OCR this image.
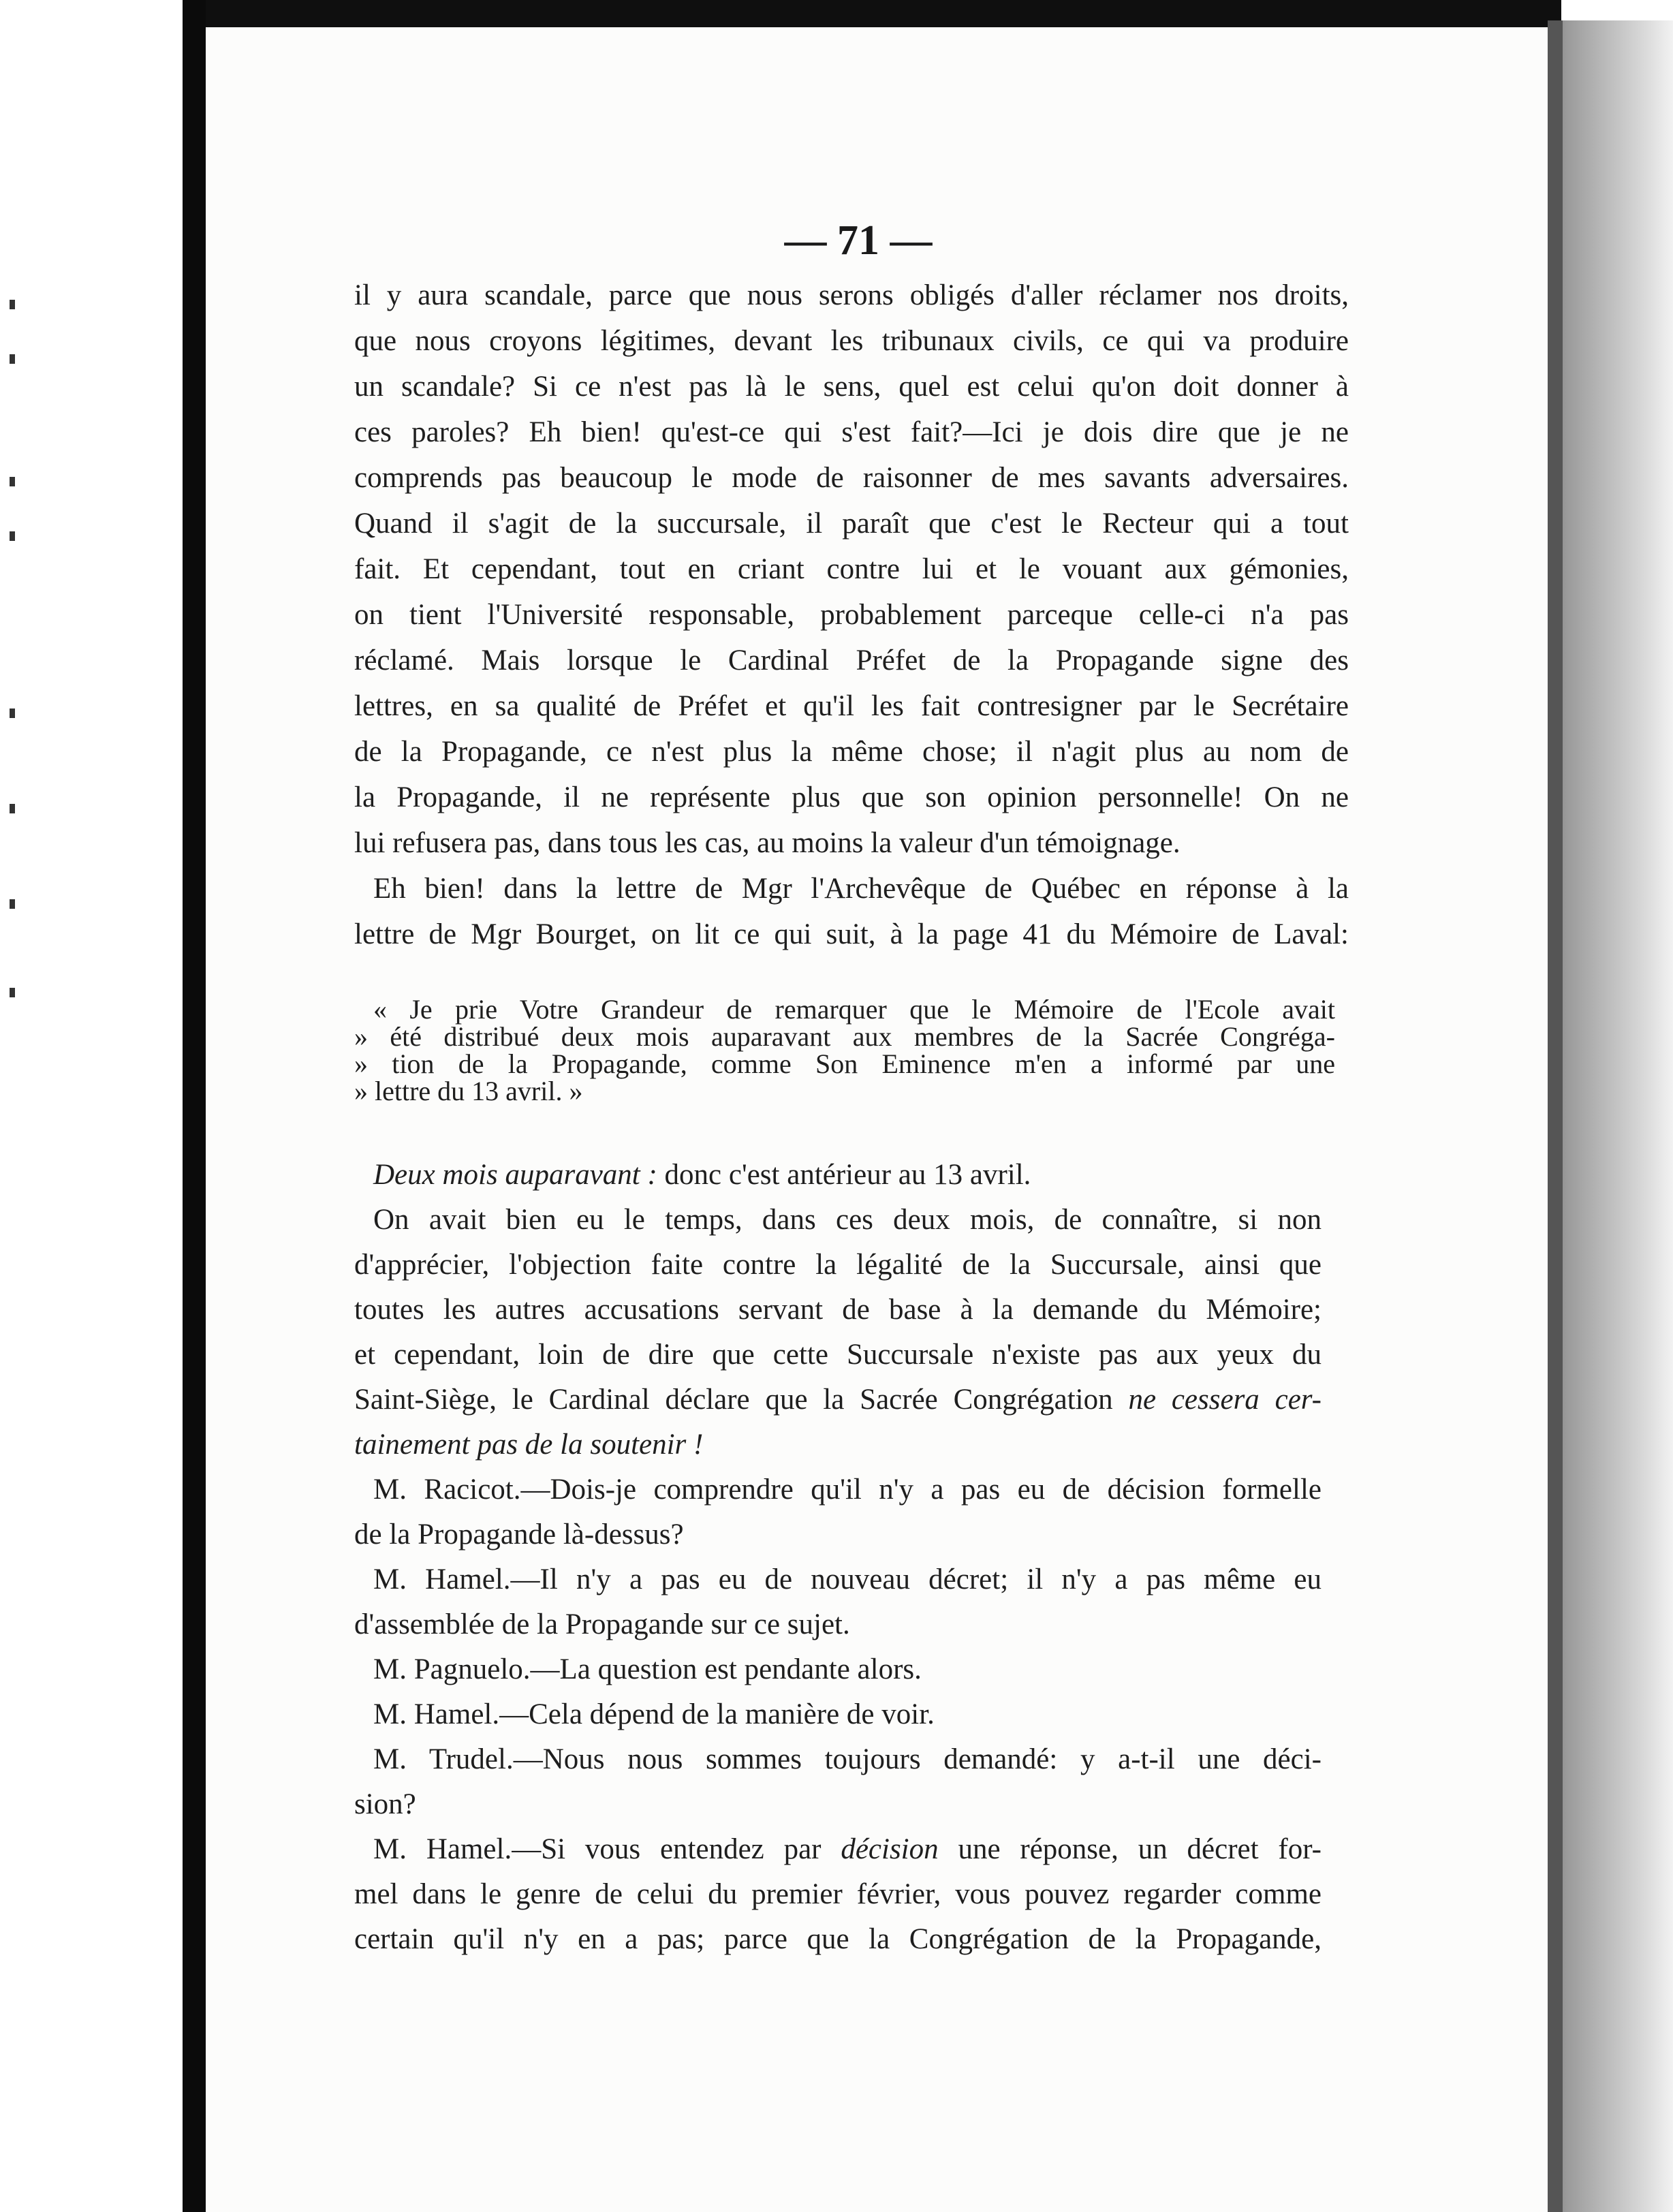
— 71 —
il y aura scandale, parce que nous serons obligés d'aller réclamer nos droits,
que nous croyons légitimes, devant les tribunaux civils, ce qui va produire
un scandale? Si ce n'est pas là le sens, quel est celui qu'on doit donner à
ces paroles? Eh bien! qu'est-ce qui s'est fait?—Ici je dois dire que je ne
comprends pas beaucoup le mode de raisonner de mes savants adversaires.
Quand il s'agit de la succursale, il paraît que c'est le Recteur qui a tout
fait. Et cependant, tout en criant contre lui et le vouant aux gémonies,
on tient l'Université responsable, probablement parceque celle-ci n'a pas
réclamé. Mais lorsque le Cardinal Préfet de la Propagande signe des
lettres, en sa qualité de Préfet et qu'il les fait contresigner par le Secrétaire
de la Propagande, ce n'est plus la même chose; il n'agit plus au nom de
la Propagande, il ne représente plus que son opinion personnelle! On ne
lui refusera pas, dans tous les cas, au moins la valeur d'un témoignage.
Eh bien! dans la lettre de Mgr l'Archevêque de Québec en réponse à la
lettre de Mgr Bourget, on lit ce qui suit, à la page 41 du Mémoire de Laval:
« Je prie Votre Grandeur de remarquer que le Mémoire de l'Ecole avait
» été distribué deux mois auparavant aux membres de la Sacrée Congréga-
» tion de la Propagande, comme Son Eminence m'en a informé par une
» lettre du 13 avril. »
Deux mois auparavant : donc c'est antérieur au 13 avril.
On avait bien eu le temps, dans ces deux mois, de connaître, si non
d'apprécier, l'objection faite contre la légalité de la Succursale, ainsi que
toutes les autres accusations servant de base à la demande du Mémoire;
et cependant, loin de dire que cette Succursale n'existe pas aux yeux du
Saint-Siège, le Cardinal déclare que la Sacrée Congrégation ne cessera cer-
tainement pas de la soutenir !
M. Racicot.—Dois-je comprendre qu'il n'y a pas eu de décision formelle
de la Propagande là-dessus?
M. Hamel.—Il n'y a pas eu de nouveau décret; il n'y a pas même eu
d'assemblée de la Propagande sur ce sujet.
M. Pagnuelo.—La question est pendante alors.
M. Hamel.—Cela dépend de la manière de voir.
M. Trudel.—Nous nous sommes toujours demandé: y a-t-il une déci-
sion?
M. Hamel.—Si vous entendez par décision une réponse, un décret for-
mel dans le genre de celui du premier février, vous pouvez regarder comme
certain qu'il n'y en a pas; parce que la Congrégation de la Propagande,
